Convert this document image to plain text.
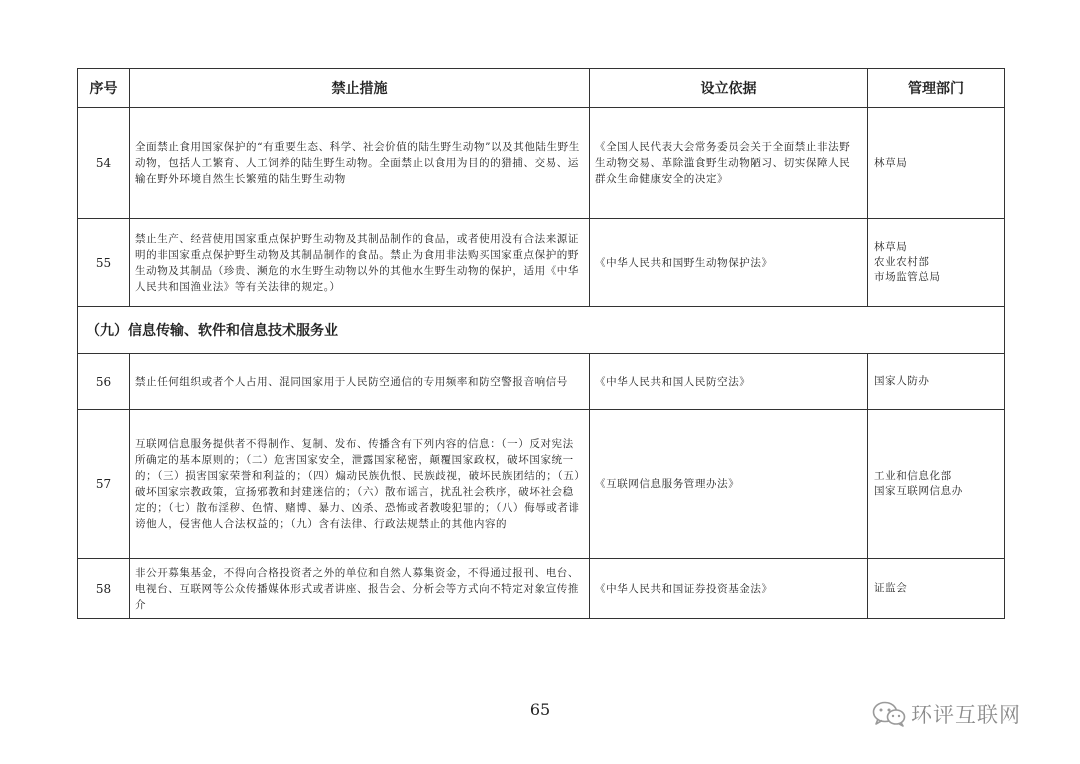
序号	禁止措施	设立依据	管理部门
54	全面禁止食用国家保护的“有重要生态、科学、社会价值的陆生野生动物”以及其他陆生野生动物，包括人工繁育、人工饲养的陆生野生动物。全面禁止以食用为目的的猎捕、交易、运输在野外环境自然生长繁殖的陆生野生动物	《全国人民代表大会常务委员会关于全面禁止非法野生动物交易、革除滥食野生动物陋习、切实保障人民群众生命健康安全的决定》	林草局

55	禁止生产、经营使用国家重点保护野生动物及其制品制作的食品，或者使用没有合法来源证明的非国家重点保护野生动物及其制品制作的食品。禁止为食用非法购买国家重点保护的野生动物及其制品（珍贵、濒危的水生野生动物以外的其他水生野生动物的保护，适用《中华人民共和国渔业法》等有关法律的规定。）	《中华人民共和国野生动物保护法》	林草局
农业农村部
市场监管总局

（九）信息传输、软件和信息技术服务业			
56	禁止任何组织或者个人占用、混同国家用于人民防空通信的专用频率和防空警报音响信号	《中华人民共和国人民防空法》	国家人防办

57	互联网信息服务提供者不得制作、复制、发布、传播含有下列内容的信息：（一）反对宪法所确定的基本原则的；（二）危害国家安全，泄露国家秘密，颠覆国家政权，破坏国家统一的；（三）损害国家荣誉和利益的；（四）煽动民族仇恨、民族歧视，破坏民族团结的；（五）破坏国家宗教政策，宣扬邪教和封建迷信的；（六）散布谣言，扰乱社会秩序，破坏社会稳定的；（七）散布淫秽、色情、赌博、暴力、凶杀、恐怖或者教唆犯罪的；（八）侮辱或者诽谤他人，侵害他人合法权益的；（九）含有法律、行政法规禁止的其他内容的	《互联网信息服务管理办法》	工业和信息化部
国家互联网信息办

58	非公开募集基金，不得向合格投资者之外的单位和自然人募集资金，不得通过报刊、电台、电视台、互联网等公众传播媒体形式或者讲座、报告会、分析会等方式向不特定对象宣传推介	《中华人民共和国证券投资基金法》	证监会
65	环评互联网
